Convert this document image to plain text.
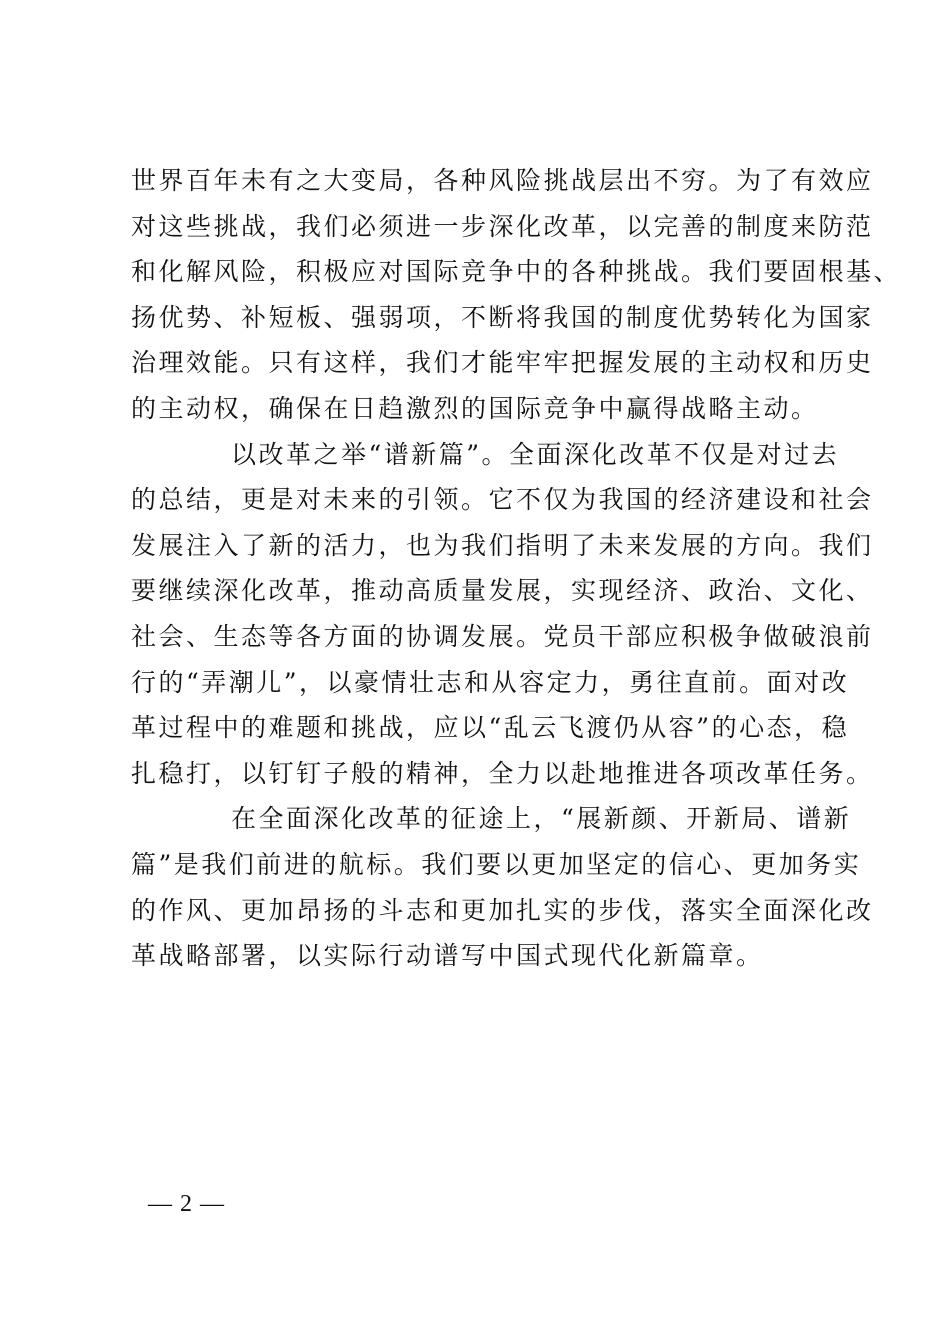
世界百年未有之大变局，各种风险挑战层出不穷。为了有效应
对这些挑战，我们必须进一步深化改革，以完善的制度来防范
和化解风险，积极应对国际竞争中的各种挑战。我们要固根基、
扬优势、补短板、强弱项，不断将我国的制度优势转化为国家
治理效能。只有这样，我们才能牢牢把握发展的主动权和历史
的主动权，确保在日趋激烈的国际竞争中赢得战略主动。
以改革之举“谱新篇”。全面深化改革不仅是对过去
的总结，更是对未来的引领。它不仅为我国的经济建设和社会
发展注入了新的活力，也为我们指明了未来发展的方向。我们
要继续深化改革，推动高质量发展，实现经济、政治、文化、
社会、生态等各方面的协调发展。党员干部应积极争做破浪前
行的“弄潮儿”，以豪情壮志和从容定力，勇往直前。面对改
革过程中的难题和挑战，应以“乱云飞渡仍从容”的心态，稳
扎稳打，以钉钉子般的精神，全力以赴地推进各项改革任务。
在全面深化改革的征途上，“展新颜、开新局、谱新
篇”是我们前进的航标。我们要以更加坚定的信心、更加务实
的作风、更加昂扬的斗志和更加扎实的步伐，落实全面深化改
革战略部署，以实际行动谱写中国式现代化新篇章。
— 2 —
